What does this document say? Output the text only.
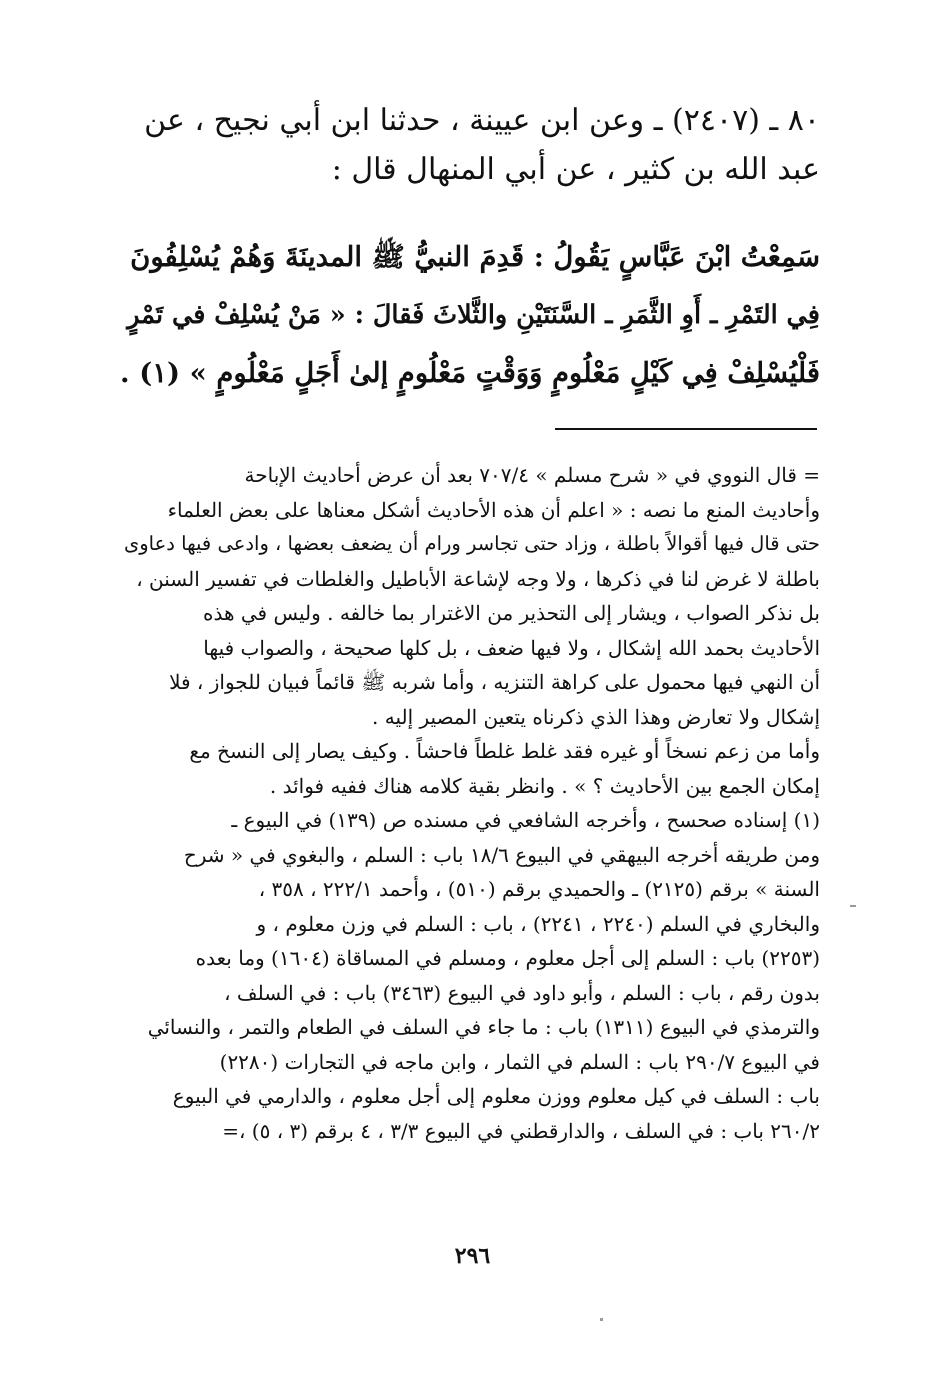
٨٠ ـ (٢٤٠٧) ـ وعن ابن عيينة ، حدثنا ابن أبي نجيح ، عن
عبد الله بن كثير ، عن أبي المنهال قال :
سَمِعْتُ ابْنَ عَبَّاسٍ يَقُولُ : قَدِمَ النبيُّ ﷺ المدينَةَ وَهُمْ يُسْلِفُونَ
فِي التَمْرِ ـ أَوِ الثَّمَرِ ـ السَّنَتَيْنِ والثَّلاثَ فَقالَ : « مَنْ يُسْلِفْ في تَمْرٍ
فَلْيُسْلِفْ فِي كَيْلٍ مَعْلُومٍ وَوَقْتٍ مَعْلُومٍ إلىٰ أَجَلٍ مَعْلُومٍ » (١) .
= قال النووي في « شرح مسلم » ٧٠٧/٤ بعد أن عرض أحاديث الإباحة
وأحاديث المنع ما نصه : « اعلم أن هذه الأحاديث أشكل معناها على بعض العلماء
حتى قال فيها أقوالاً باطلة ، وزاد حتى تجاسر ورام أن يضعف بعضها ، وادعى فيها دعاوى
باطلة لا غرض لنا في ذكرها ، ولا وجه لإشاعة الأباطيل والغلطات في تفسير السنن ،
بل نذكر الصواب ، ويشار إلى التحذير من الاغترار بما خالفه . وليس في هذه
الأحاديث بحمد الله إشكال ، ولا فيها ضعف ، بل كلها صحيحة ، والصواب فيها
أن النهي فيها محمول على كراهة التنزيه ، وأما شربه ﷺ قائماً فبيان للجواز ، فلا
إشكال ولا تعارض وهذا الذي ذكرناه يتعين المصير إليه .
وأما من زعم نسخاً أو غيره فقد غلط غلطاً فاحشاً . وكيف يصار إلى النسخ مع
إمكان الجمع بين الأحاديث ؟ » . وانظر بقية كلامه هناك ففيه فوائد .
(١) إسناده صحسح ، وأخرجه الشافعي في مسنده ص (١٣٩) في البيوع ـ
ومن طريقه أخرجه البيهقي في البيوع ١٨/٦ باب : السلم ، والبغوي في « شرح
السنة » برقم (٢١٢٥) ـ والحميدي برقم (٥١٠) ، وأحمد ٢٢٢/١ ، ٣٥٨ ،
والبخاري في السلم (٢٢٤٠ ، ٢٢٤١) ، باب : السلم في وزن معلوم ، و
(٢٢٥٣) باب : السلم إلى أجل معلوم ، ومسلم في المساقاة (١٦٠٤) وما بعده
بدون رقم ، باب : السلم ، وأبو داود في البيوع (٣٤٦٣) باب : في السلف ،
والترمذي في البيوع (١٣١١) باب : ما جاء في السلف في الطعام والتمر ، والنسائي
في البيوع ٢٩٠/٧ باب : السلم في الثمار ، وابن ماجه في التجارات (٢٢٨٠)
باب : السلف في كيل معلوم ووزن معلوم إلى أجل معلوم ، والدارمي في البيوع
٢٦٠/٢ باب : في السلف ، والدارقطني في البيوع ٣/٣ ، ٤ برقم (٣ ، ٥) ،=
٢٩٦
